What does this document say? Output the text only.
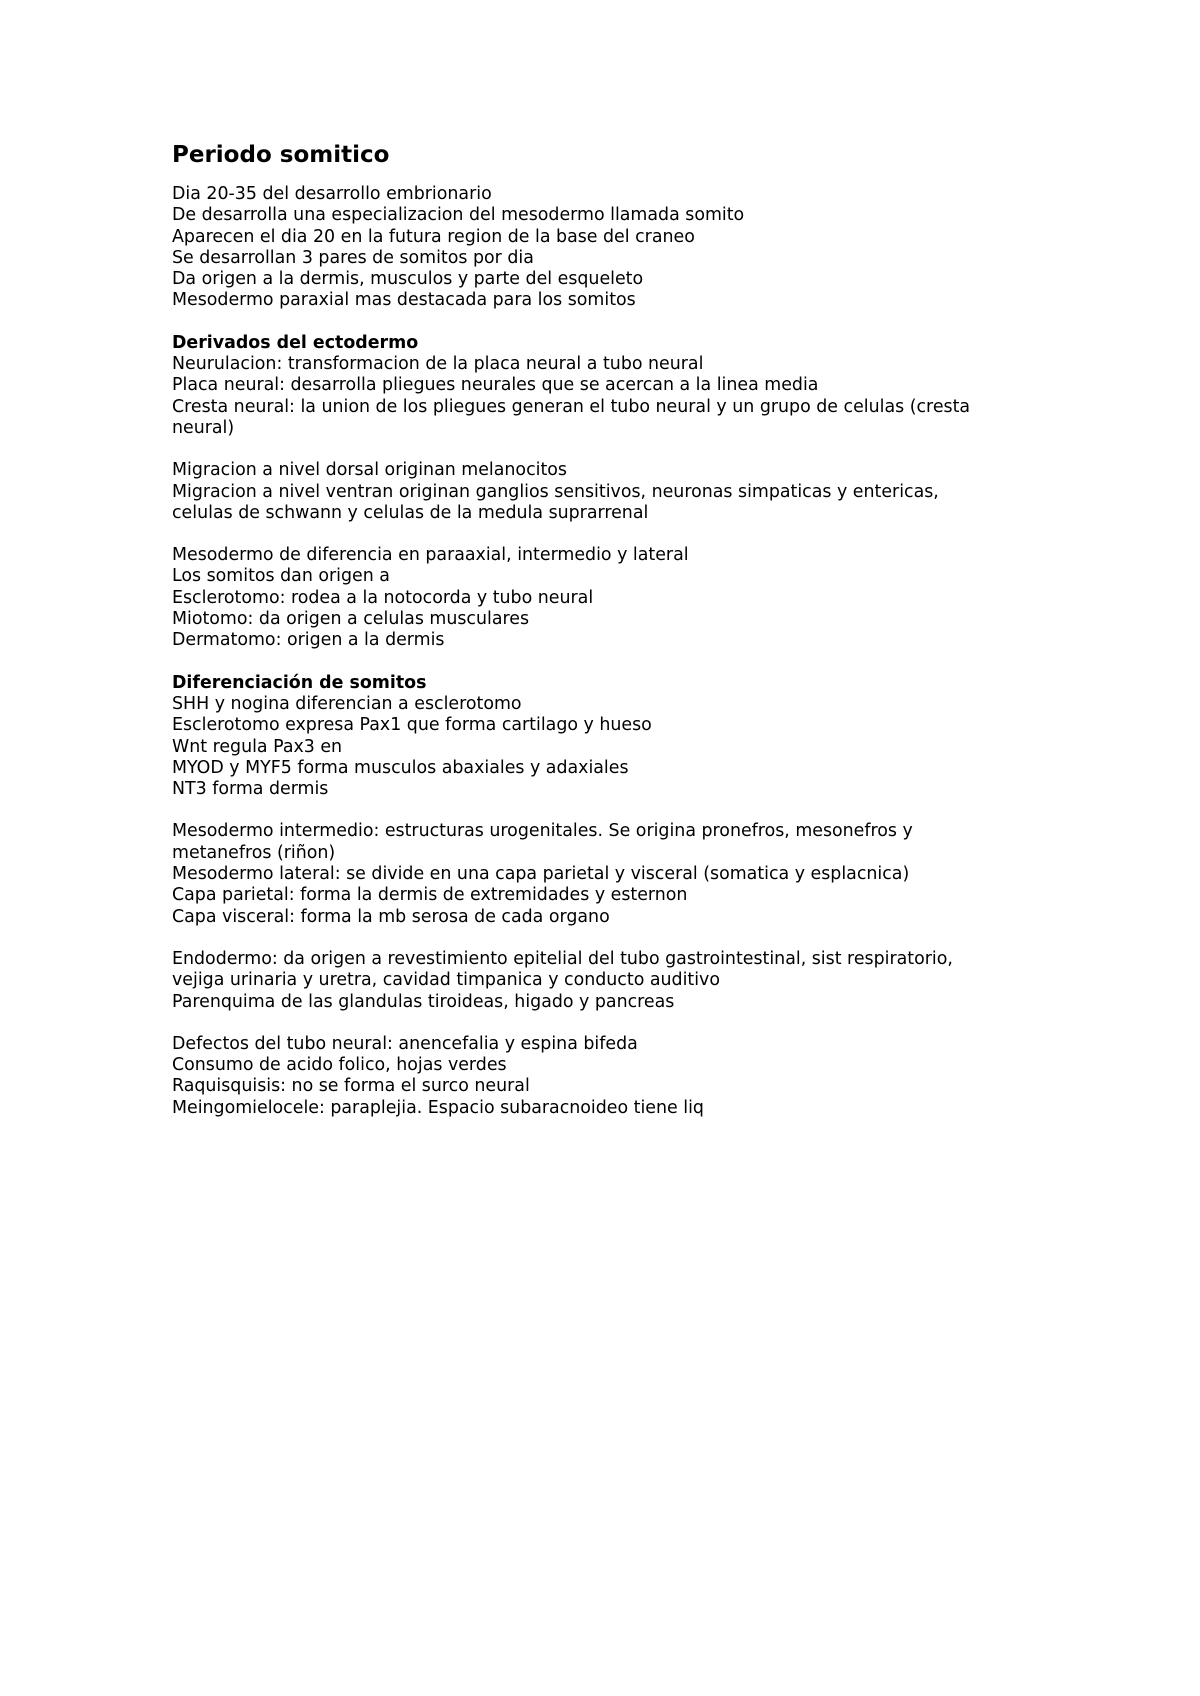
Periodo somitico
Dia 20-35 del desarrollo embrionario
De desarrolla una especializacion del mesodermo llamada somito
Aparecen el dia 20 en la futura region de la base del craneo
Se desarrollan 3 pares de somitos por dia
Da origen a la dermis, musculos y parte del esqueleto
Mesodermo paraxial mas destacada para los somitos
Derivados del ectodermo
Neurulacion: transformacion de la placa neural a tubo neural
Placa neural: desarrolla pliegues neurales que se acercan a la linea media
Cresta neural: la union de los pliegues generan el tubo neural y un grupo de celulas (cresta
neural)
Migracion a nivel dorsal originan melanocitos
Migracion a nivel ventran originan ganglios sensitivos, neuronas simpaticas y entericas,
celulas de schwann y celulas de la medula suprarrenal
Mesodermo de diferencia en paraaxial, intermedio y lateral
Los somitos dan origen a
Esclerotomo: rodea a la notocorda y tubo neural
Miotomo: da origen a celulas musculares
Dermatomo: origen a la dermis
Diferenciación de somitos
SHH y nogina diferencian a esclerotomo
Esclerotomo expresa Pax1 que forma cartilago y hueso
Wnt regula Pax3 en
MYOD y MYF5 forma musculos abaxiales y adaxiales
NT3 forma dermis
Mesodermo intermedio: estructuras urogenitales. Se origina pronefros, mesonefros y
metanefros (riñon)
Mesodermo lateral: se divide en una capa parietal y visceral (somatica y esplacnica)
Capa parietal: forma la dermis de extremidades y esternon
Capa visceral: forma la mb serosa de cada organo
Endodermo: da origen a revestimiento epitelial del tubo gastrointestinal, sist respiratorio,
vejiga urinaria y uretra, cavidad timpanica y conducto auditivo
Parenquima de las glandulas tiroideas, higado y pancreas
Defectos del tubo neural: anencefalia y espina bifeda
Consumo de acido folico, hojas verdes
Raquisquisis: no se forma el surco neural
Meingomielocele: paraplejia. Espacio subaracnoideo tiene liq
